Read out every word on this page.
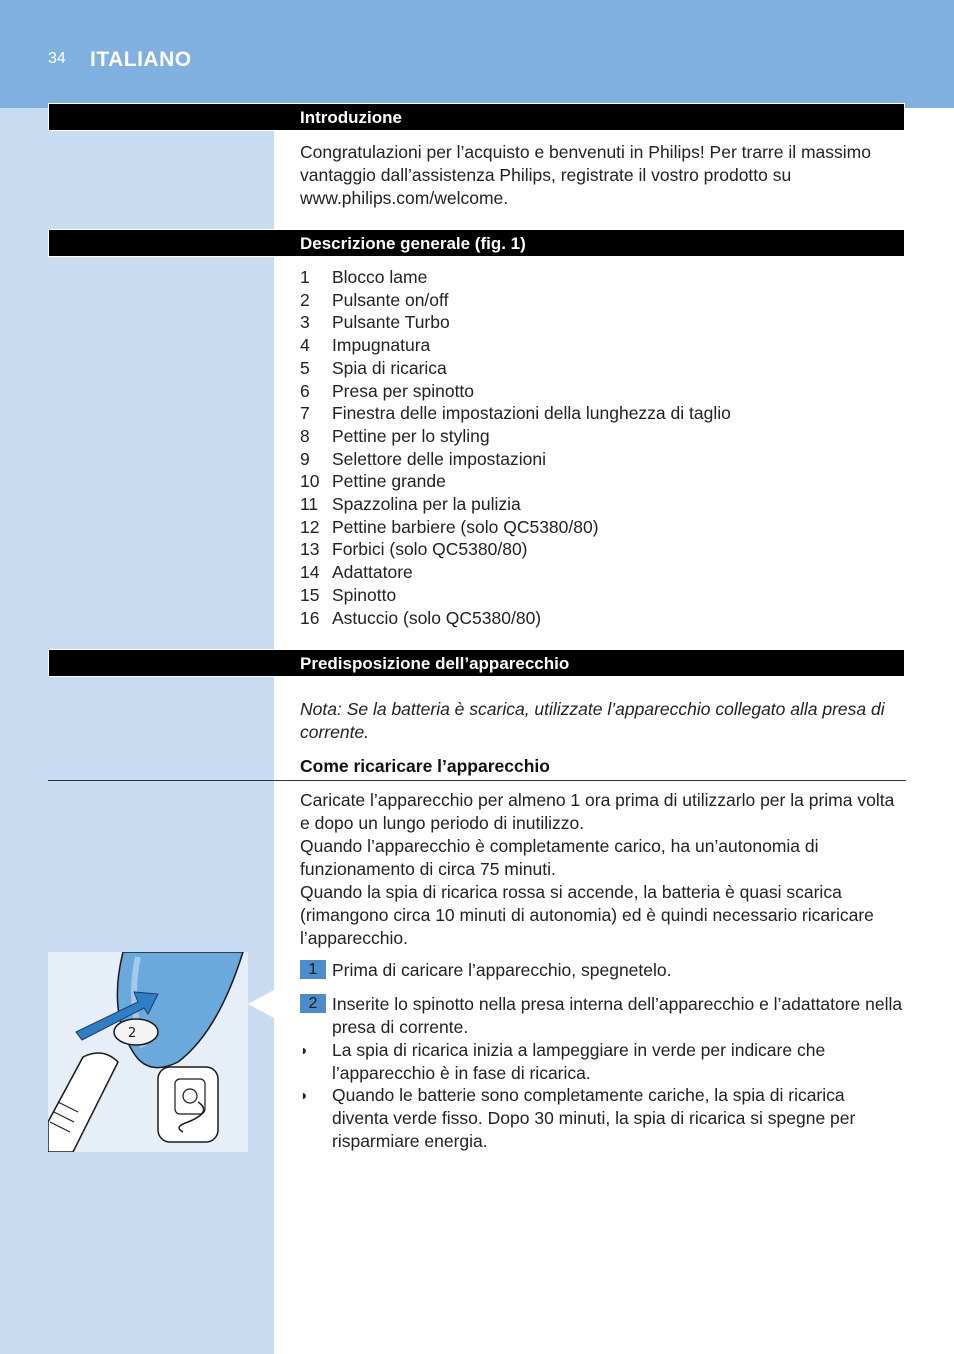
34 ITALIANO
Introduzione
Congratulazioni per l’acquisto e benvenuti in Philips! Per trarre il massimo vantaggio dall’assistenza Philips, registrate il vostro prodotto su www.philips.com/welcome.
Descrizione generale (fig. 1)
1	Blocco lame
2	Pulsante on/off
3	Pulsante Turbo
4	Impugnatura
5	Spia di ricarica
6	Presa per spinotto
7	Finestra delle impostazioni della lunghezza di taglio
8	Pettine per lo styling
9	Selettore delle impostazioni
10 Pettine grande
11 Spazzolina per la pulizia
12 Pettine barbiere (solo QC5380/80)
13 Forbici (solo QC5380/80)
14 Adattatore
15 Spinotto
16 Astuccio (solo QC5380/80)
Predisposizione dell’apparecchio
Nota: Se la batteria è scarica, utilizzate l’apparecchio collegato alla presa di corrente.
Come ricaricare l’apparecchio
Caricate l’apparecchio per almeno 1 ora prima di utilizzarlo per la prima volta e dopo un lungo periodo di inutilizzo.
Quando l’apparecchio è completamente carico, ha un’autonomia di funzionamento di circa 75 minuti.
Quando la spia di ricarica rossa si accende, la batteria è quasi scarica (rimangono circa 10 minuti di autonomia) ed è quindi necessario ricaricare l’apparecchio.
1 Prima di caricare l’apparecchio, spegnetelo.
2 Inserite lo spinotto nella presa interna dell’apparecchio e l’adattatore nella presa di corrente.
◗ La spia di ricarica inizia a lampeggiare in verde per indicare che l’apparecchio è in fase di ricarica.
◗ Quando le batterie sono completamente cariche, la spia di ricarica diventa verde fisso. Dopo 30 minuti, la spia di ricarica si spegne per risparmiare energia.
2
